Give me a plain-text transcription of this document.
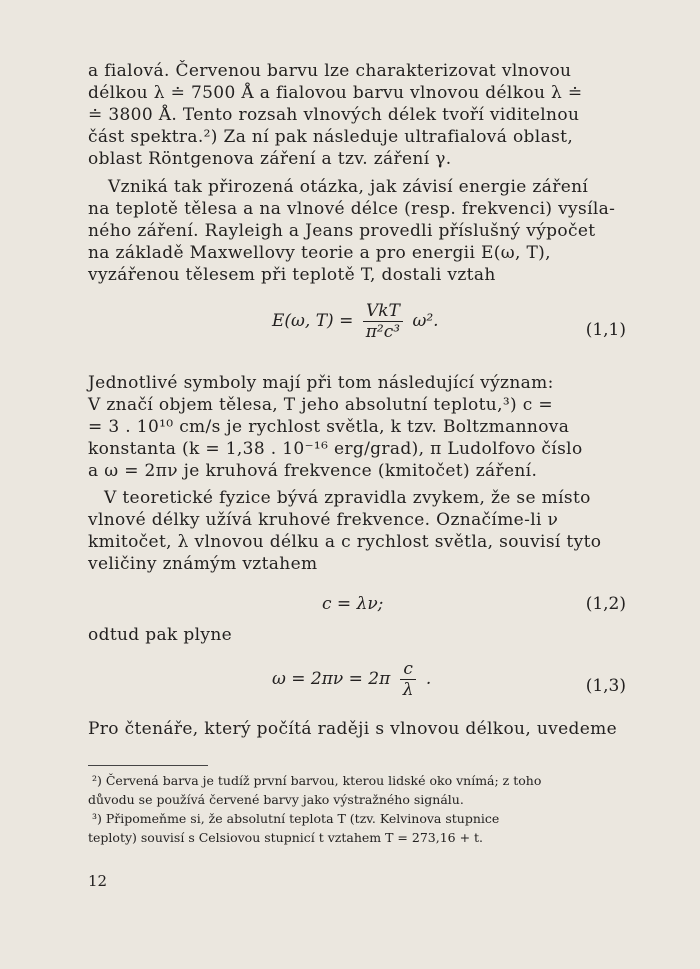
a fialová. Červenou barvu lze charakterizovat vlnovou
délkou λ ≐ 7500 Å a fialovou barvu vlnovou délkou λ ≐
≐ 3800 Å. Tento rozsah vlnových délek tvoří viditelnou
část spektra.²) Za ní pak následuje ultrafialová oblast,
oblast Röntgenova záření a tzv. záření γ.
Vzniká tak přirozená otázka, jak závisí energie záření
na teplotě tělesa a na vlnové délce (resp. frekvenci) vysíla-
ného záření. Rayleigh a Jeans provedli příslušný výpočet
na základě Maxwellovy teorie a pro energii E(ω, T),
vyzářenou tělesem při teplotě T, dostali vztah
E(ω, $T) = \frac{\text{VkT}}{\text{π²c³}} \omega^2$.	(1,1)
Jednotlivé symboly mají při tom následující význam:
V značí objem tělesa, T jeho absolutní teplotu,³) c =
= 3 . 10¹⁰ cm/s je rychlost světla, k tzv. Boltzmannova
konstanta (k = 1,38 . 10⁻¹⁶ erg/grad), π Ludolfovo číslo
a ω = 2πν je kruhová frekvence (kmitočet) záření.
V teoretické fyzice bývá zpravidla zvykem, že se místo
vlnové délky užívá kruhové frekvence. Označíme-li ν
kmitočet, λ vlnovou délku a c rychlost světla, souvisí tyto
veličiny známým vztahem
c = λν;	(1,2)
odtud pak plyne
$\omega = 2\pi\nu = 2\pi \frac{c}{\lambda}$ .	(1,3)
Pro čtenáře, který počítá raději s vlnovou délkou, uvedeme
²) Červená barva je tudíž první barvou, kterou lidské oko vnímá; z toho
důvodu se používá červené barvy jako výstražného signálu.
³) Připomeňme si, že absolutní teplota T (tzv. Kelvinova stupnice
teploty) souvisí s Celsiovou stupnicí t vztahem T = 273,16 + t.
12
